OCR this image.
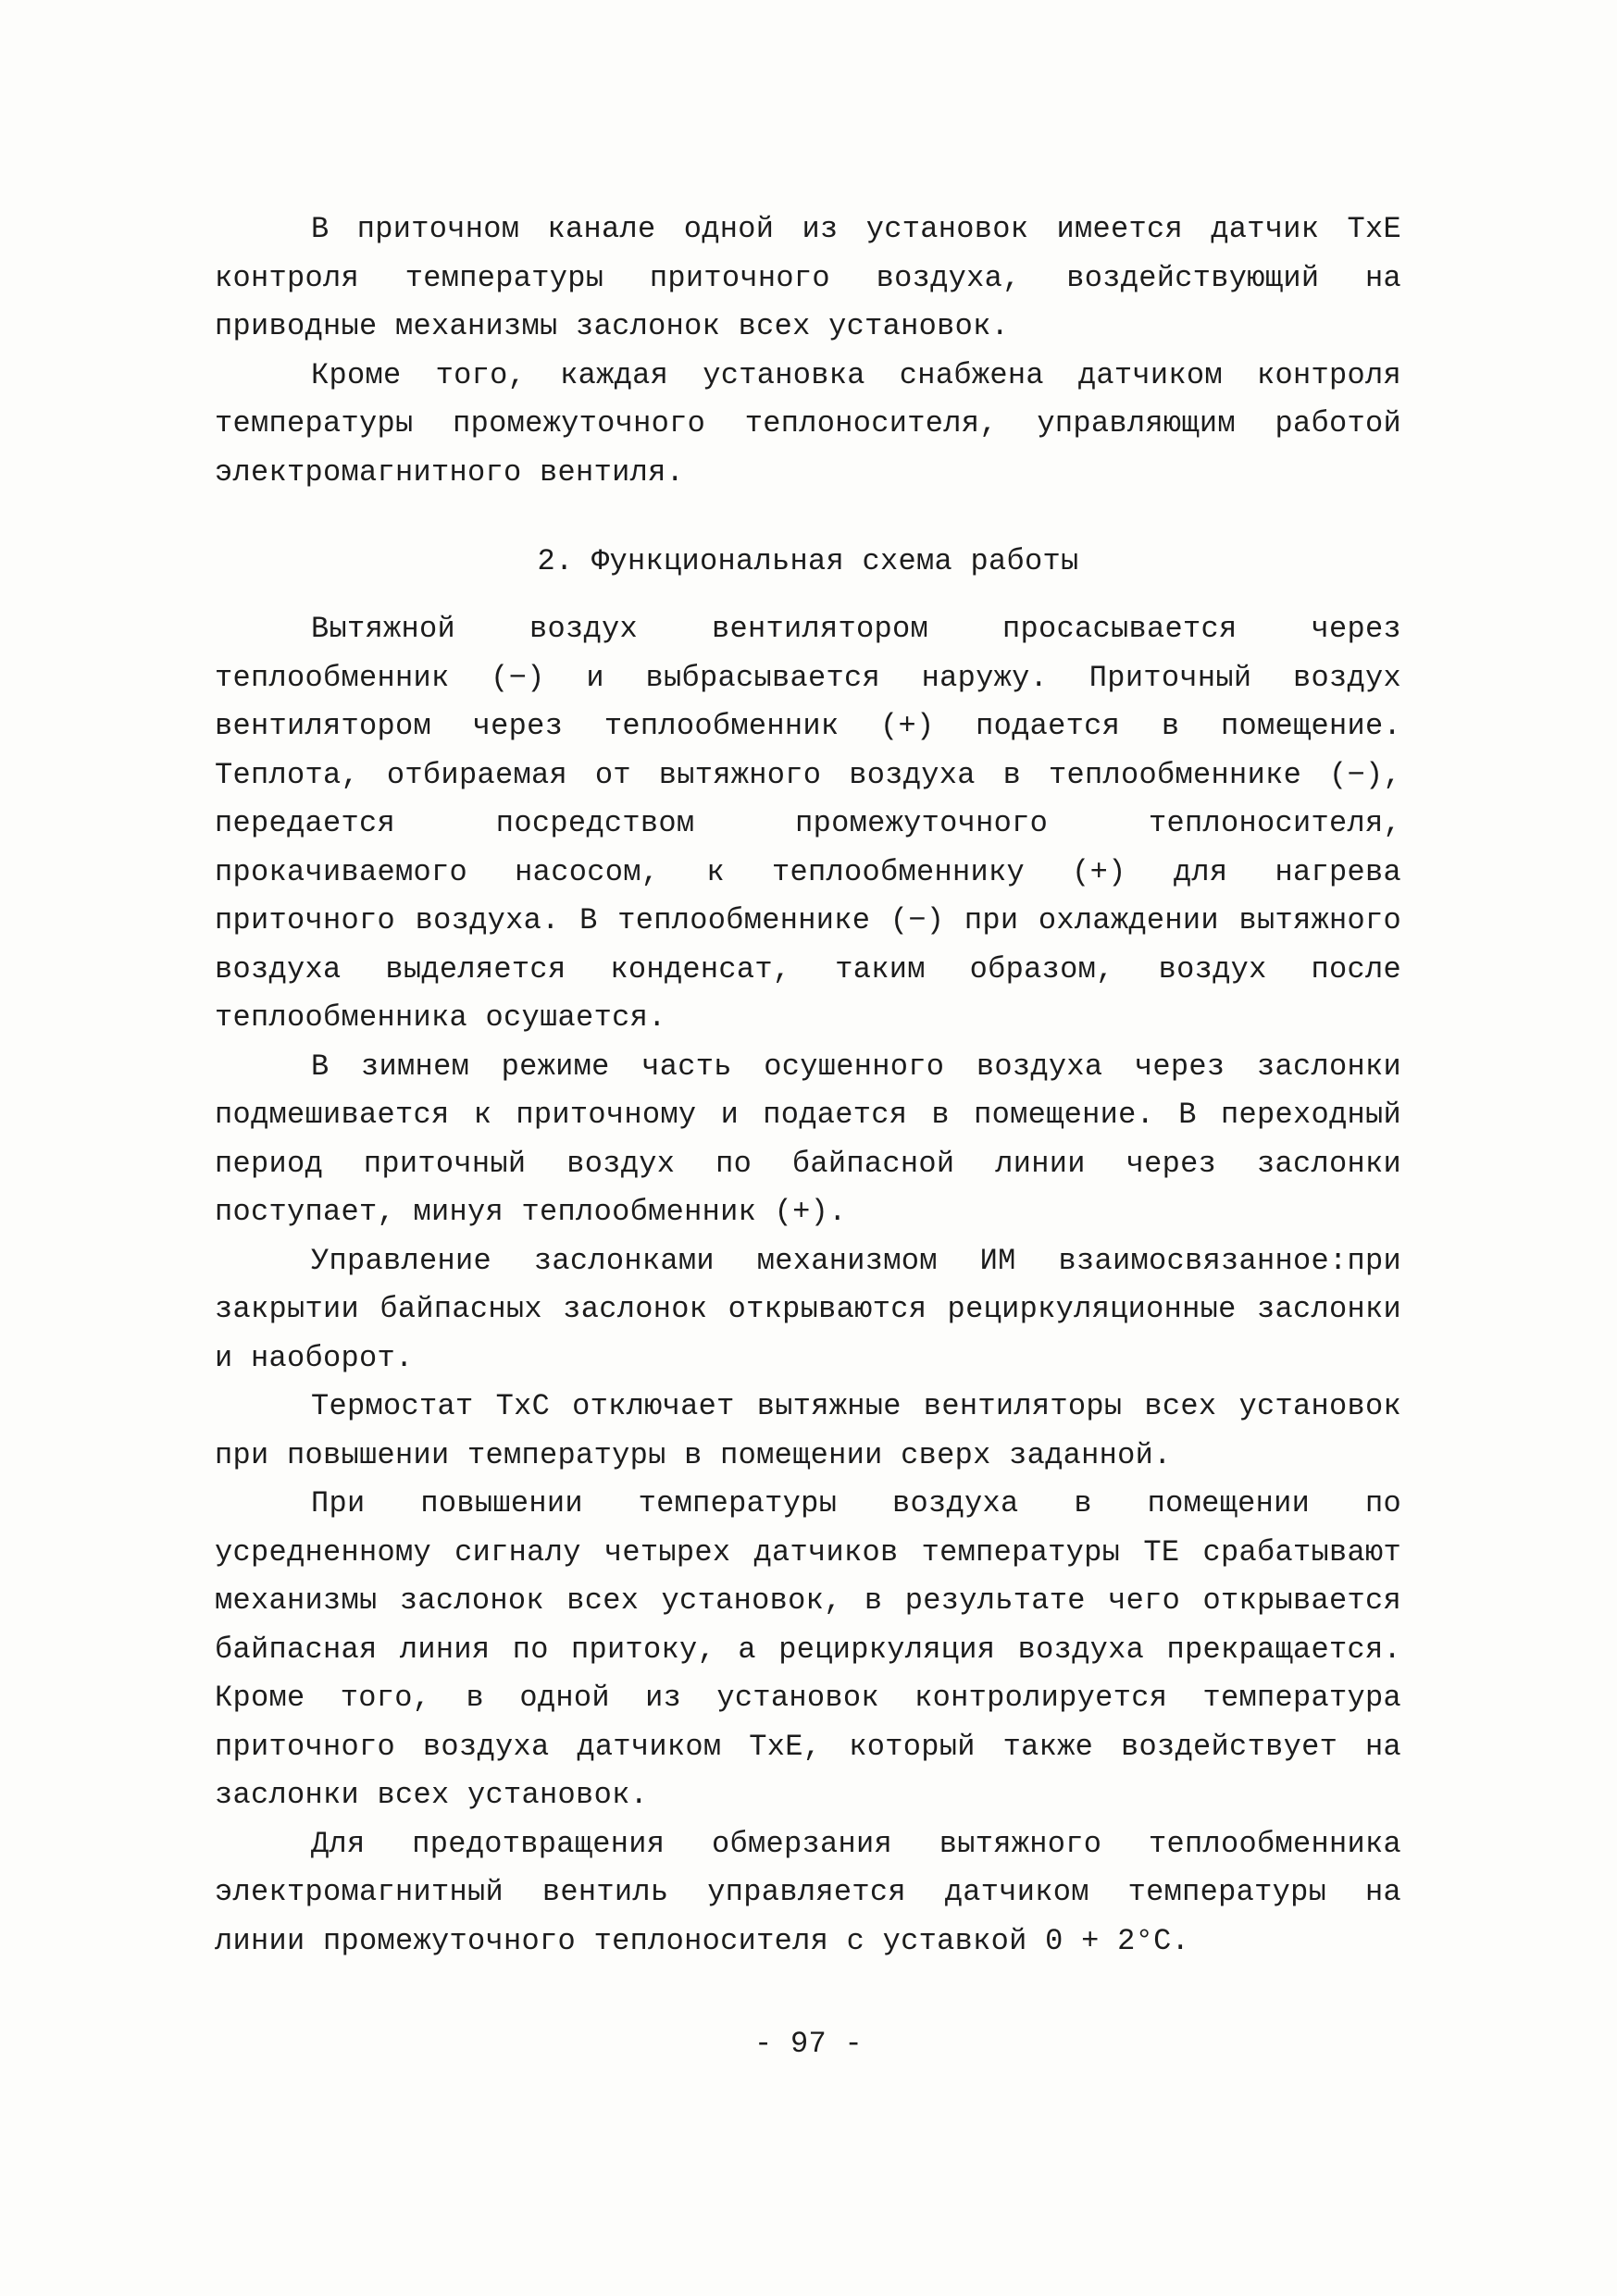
В приточном канале одной из установок имеется датчик ТхЕ контроля температуры приточного воздуха, воздействующий на приводные механизмы заслонок всех установок.

Кроме того, каждая установка снабжена датчиком контроля температуры промежуточного теплоносителя, управляющим работой электромагнитного вентиля.

2. Функциональная схема работы

Вытяжной воздух вентилятором просасывается через теплообменник (−) и выбрасывается наружу. Приточный воздух вентилятором через теплообменник (+) подается в помещение. Теплота, отбираемая от вытяжного воздуха в теплообменнике (−), передается посредством промежуточного теплоносителя, прокачиваемого насосом, к теплообменнику (+) для нагрева приточного воздуха. В теплообменнике (−) при охлаждении вытяжного воздуха выделяется конденсат, таким образом, воздух после теплообменника осушается.

В зимнем режиме часть осушенного воздуха через заслонки подмешивается к приточному и подается в помещение. В переходный период приточный воздух по байпасной линии через заслонки поступает, минуя теплообменник (+).

Управление заслонками механизмом ИМ взаимосвязанное:при закрытии байпасных заслонок открываются рециркуляционные заслонки и наоборот.

Термостат ТхС отключает вытяжные вентиляторы всех установок при повышении температуры в помещении сверх заданной.

При повышении температуры воздуха в помещении по усредненному сигналу четырех датчиков температуры ТЕ срабатывают механизмы заслонок всех установок, в результате чего открывается байпасная линия по притоку, а рециркуляция воздуха прекращается. Кроме того, в одной из установок контролируется температура приточного воздуха датчиком ТхЕ, который также воздействует на заслонки всех установок.

Для предотвращения обмерзания вытяжного теплообменника электромагнитный вентиль управляется датчиком температуры на линии промежуточного теплоносителя с уставкой 0 + 2°С.

- 97 -
